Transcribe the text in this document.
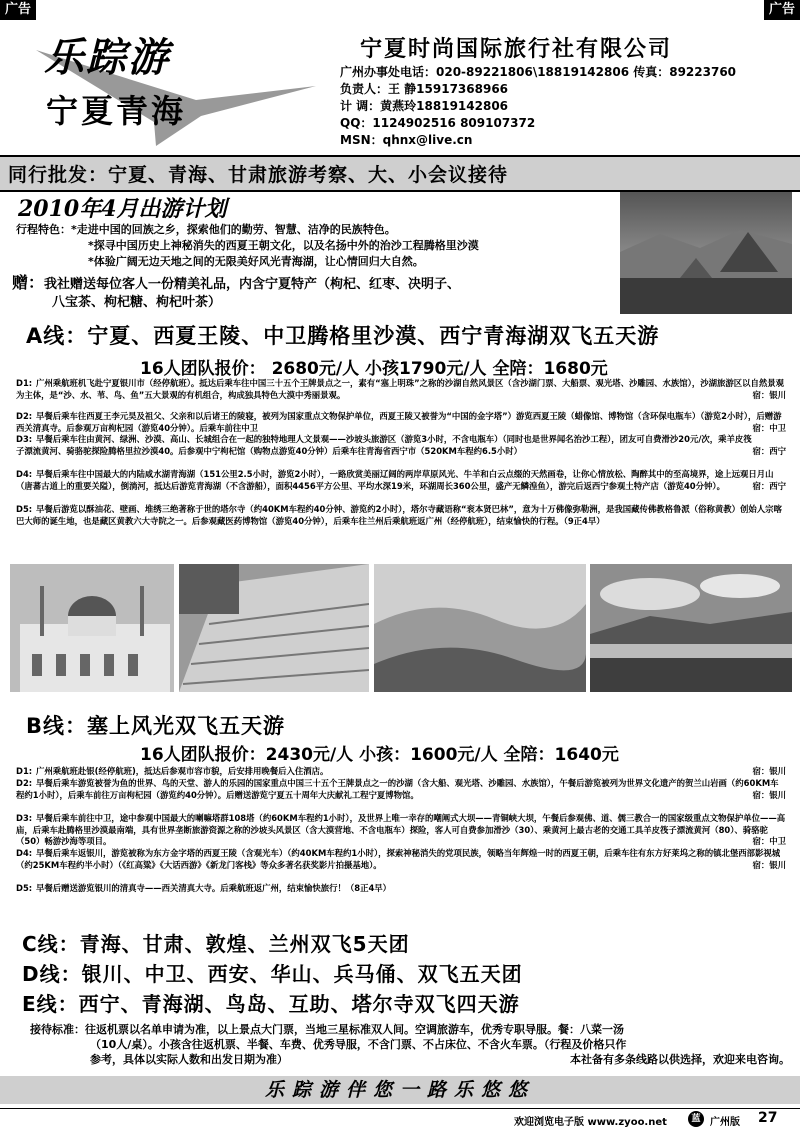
广告	广告
乐踪游
宁夏青海
宁夏时尚国际旅行社有限公司
广州办事处电话：020-89221806\18819142806 传真：89223760
负责人：王 静15917368966
计 调：黄燕玲18819142806
QQ：1124902516 809107372
MSN：qhnx@live.cn
同行批发：宁夏、青海、甘肃旅游考察、大、小会议接待
2010年4月出游计划
行程特色：*走进中国的回族之乡，探索他们的勤劳、智慧、洁净的民族特色。
*探寻中国历史上神秘消失的西夏王朝文化，以及名扬中外的治沙工程腾格里沙漠
*体验广阔无边天地之间的无限美好风光青海湖，让心情回归大自然。
赠：我社赠送每位客人一份精美礼品，内含宁夏特产（枸杞、红枣、决明子、
八宝茶、枸杞糖、枸杞叶茶）
A线：宁夏、西夏王陵、中卫腾格里沙漠、西宁青海湖双飞五天游
16人团队报价： 2680元/人 小孩1790元/人 全陪：1680元
D1: 广州乘航班机飞赴宁夏银川市（经停航班）。抵达后乘车往中国三十五个王牌景点之一，素有“塞上明珠”之称的沙湖自然风景区（含沙湖门票、大船票、观光塔、沙雕园、水族馆），沙湖旅游区以自然景观为主体，是“沙、水、苇、鸟、鱼”五大景观的有机组合，构成独具特色大漠中秀丽景观。	宿：银川
D2: 早餐后乘车往西夏王李元昊及祖父、父亲和以后诸王的陵寝，被列为国家重点文物保护单位，西夏王陵又被誉为“中国的金字塔”）游览西夏王陵（蜡像馆、博物馆（含环保电瓶车）（游览2小时），后赠游西关清真寺。后参观万亩枸杞园（游览40分钟）。后乘车前往中卫	宿：中卫
D3: 早餐后乘车往由黄河、绿洲、沙漠、高山、长城组合在一起的独特地理人文景观——沙坡头旅游区（游览3小时，不含电瓶车）（同时也是世界闻名治沙工程），团友可自费滑沙20元/次，乘羊皮筏子漂流黄河、骑骆驼探险腾格里拉沙漠40。后参观中宁枸杞馆（购物点游览40分钟）后乘车往青海省西宁市（520KM车程约6.5小时）	宿：西宁
D4: 早餐后乘车往中国最大的内陆咸水湖青海湖（151公里2.5小时，游览2小时），一路欣赏美丽辽阔的两岸草原风光、牛羊和白云点缀的天然画卷，让你心情放松、陶醉其中的至高境界，途上远观日月山（唐蕃古道上的重要关隘），倒淌河，抵达后游览青海湖（不含游船），面积4456平方公里、平均水深19米，环湖周长360公里，盛产无鳞湟鱼），游完后返西宁参观土特产店（游览40分钟）。	宿：西宁
D5: 早餐后游览以酥油花、壁画、堆绣三绝著称于世的塔尔寺（约40KM车程约40分钟、游览约2小时），塔尔寺藏语称“衮本贤巴林”，意为十万佛像弥勒洲，是我国藏传佛教格鲁派（俗称黄教）创始人宗喀巴大师的诞生地，也是藏区黄教六大寺院之一。后参观藏医药博物馆（游览40分钟），后乘车往兰州后乘航班返广州（经停航班），结束愉快的行程。（9正4早）
B线：塞上风光双飞五天游
16人团队报价：2430元/人 小孩：1600元/人 全陪：1640元
D1: 广州乘航班赴银(经停航班)，抵达后参观市容市貌，后安排用晚餐后入住酒店。	宿：银川
D2: 早餐后乘车游览被誉为鱼的世界、鸟的天堂、游人的乐园的国家重点中国三十五个王牌景点之一的沙湖（含大船、观光塔、沙雕园、水族馆），午餐后游览被列为世界文化遗产的贺兰山岩画（约60KM车程约1小时），后乘车前往万亩枸杞园（游览约40分钟）。后赠送游览宁夏五十周年大庆献礼工程宁夏博物馆。	宿：银川
D3: 早餐后乘车前往中卫，途中参观中国最大的喇嘛塔群108塔（约60KM车程约1小时），及世界上唯一幸存的嘲阐式大坝——青铜峡大坝，午餐后参观佛、道、儒三教合一的国家级重点文物保护单位——高庙，后乘车赴腾格里沙漠最南端，具有世界垄断旅游资源之称的沙坡头风景区（含大漠营地、不含电瓶车）探险，客人可自费参加滑沙（30）、乘黄河上最古老的交通工具羊皮筏子漂流黄河（80）、骑骆驼（50）畅游沙海等项目。	宿：中卫
D4: 早餐后乘车返银川，游览被称为东方金字塔的西夏王陵（含观光车）（约40KM车程约1小时），探索神秘消失的党项民族，领略当年辉煌一时的西夏王朝，后乘车往有东方好莱坞之称的镇北堡西部影视城（约25KM车程约半小时）（《红高粱》《大话西游》《新龙门客栈》等众多著名获奖影片拍摄基地）。	宿：银川
D5: 早餐后赠送游览银川的清真寺——西关清真大寺。后乘航班返广州，结束愉快旅行！（8正4早）
C线：青海、甘肃、敦煌、兰州双飞5天团
D线：银川、中卫、西安、华山、兵马俑、双飞五天团
E线：西宁、青海湖、鸟岛、互助、塔尔寺双飞四天游
接待标准：往返机票以名单申请为准，以上景点大门票，当地三星标准双人间。空调旅游车，优秀专职导服。餐：八菜一汤
（10人/桌）。小孩含往返机票、半餐、车费、优秀导服，不含门票、不占床位、不含火车票。（行程及价格只作
参考，具体以实际人数和出发日期为准）	本社备有多条线路以供选择，欢迎来电咨询。
乐踪游伴您一路乐悠悠
欢迎浏览电子版 www.zyoo.net	蓝 广州版 27
